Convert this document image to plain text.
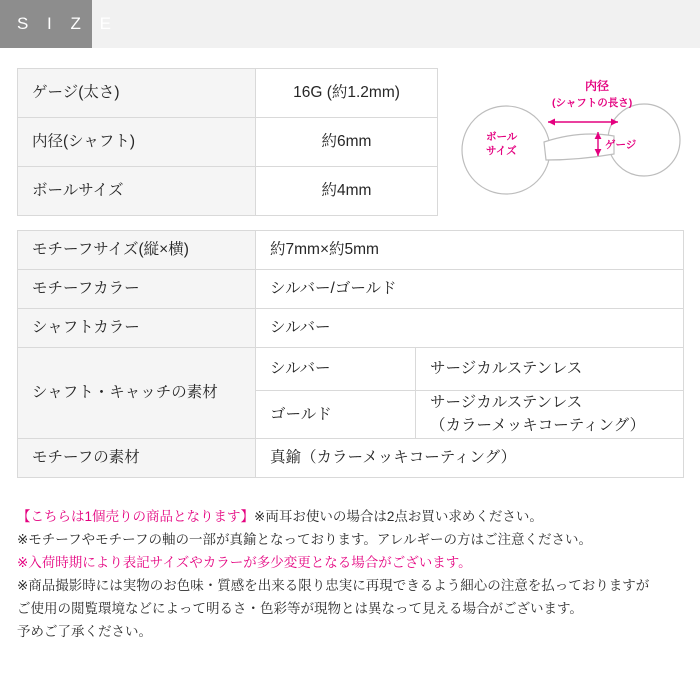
S I Z E
ゲージ(太さ)	16G (約1.2mm)
内径(シャフト)	約6mm
ボールサイズ	約4mm
内径
(シャフトの長さ)
ゲージ
ボール
サイズ
モチーフサイズ(縦×横)	約7mm×約5mm	
モチーフカラー	シルバー/ゴールド	
シャフトカラー	シルバー	
シャフト・キャッチの素材	シルバー	サージカルステンレス
	ゴールド	サージカルステンレス
（カラーメッキコーティング）
モチーフの素材	真鍮（カラーメッキコーティング）	
【こちらは1個売りの商品となります】※両耳お使いの場合は2点お買い求めください。
※モチーフやモチーフの軸の一部が真鍮となっております。アレルギーの方はご注意ください。
※入荷時期により表記サイズやカラーが多少変更となる場合がございます。
※商品撮影時には実物のお色味・質感を出来る限り忠実に再現できるよう細心の注意を払っておりますが
ご使用の閲覧環境などによって明るさ・色彩等が現物とは異なって見える場合がございます。
予めご了承ください。
